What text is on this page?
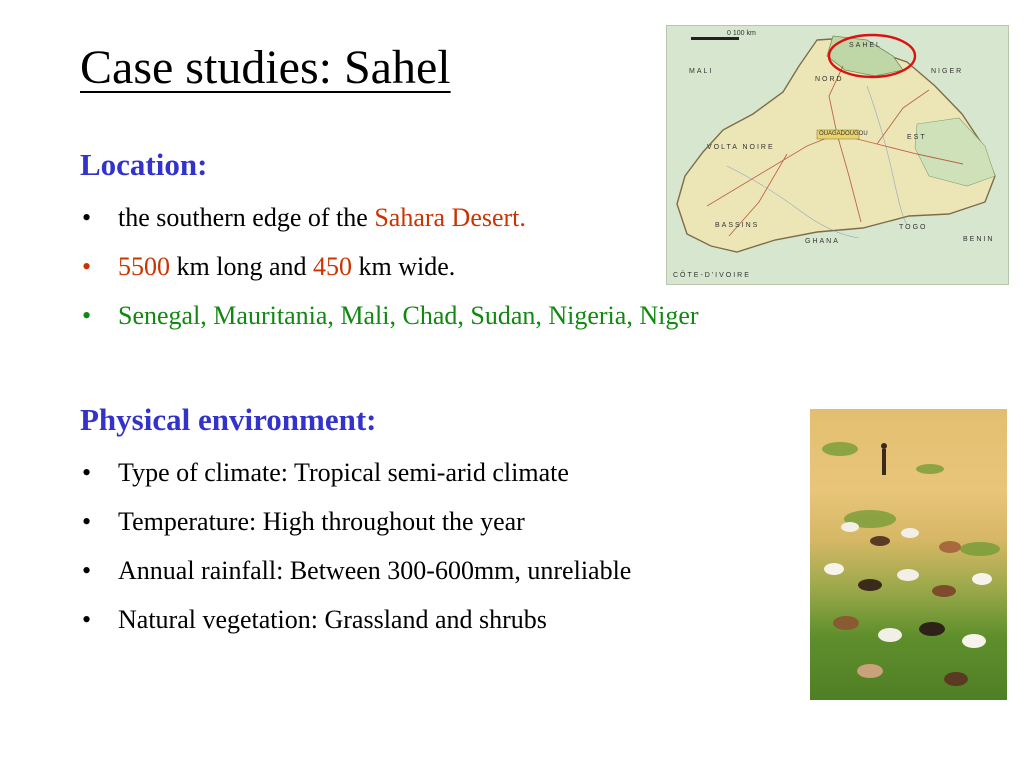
Case studies: Sahel
Location:
• the southern edge of the Sahara Desert.
• 5500 km long and 450 km wide.
• Senegal, Mauritania, Mali, Chad, Sudan, Nigeria, Niger
Physical environment:
• Type of climate: Tropical semi-arid climate
• Temperature: High throughout the year
• Annual rainfall: Between 300-600mm, unreliable
• Natural vegetation: Grassland and shrubs
0 100 km
MALI	NIGER
SAHEL
NORD
EST
OUAGADOUGOU
VOLTA NOIRE
BASSINS
GHANA
TOGO
BENIN
CÔTE-D'IVOIRE
